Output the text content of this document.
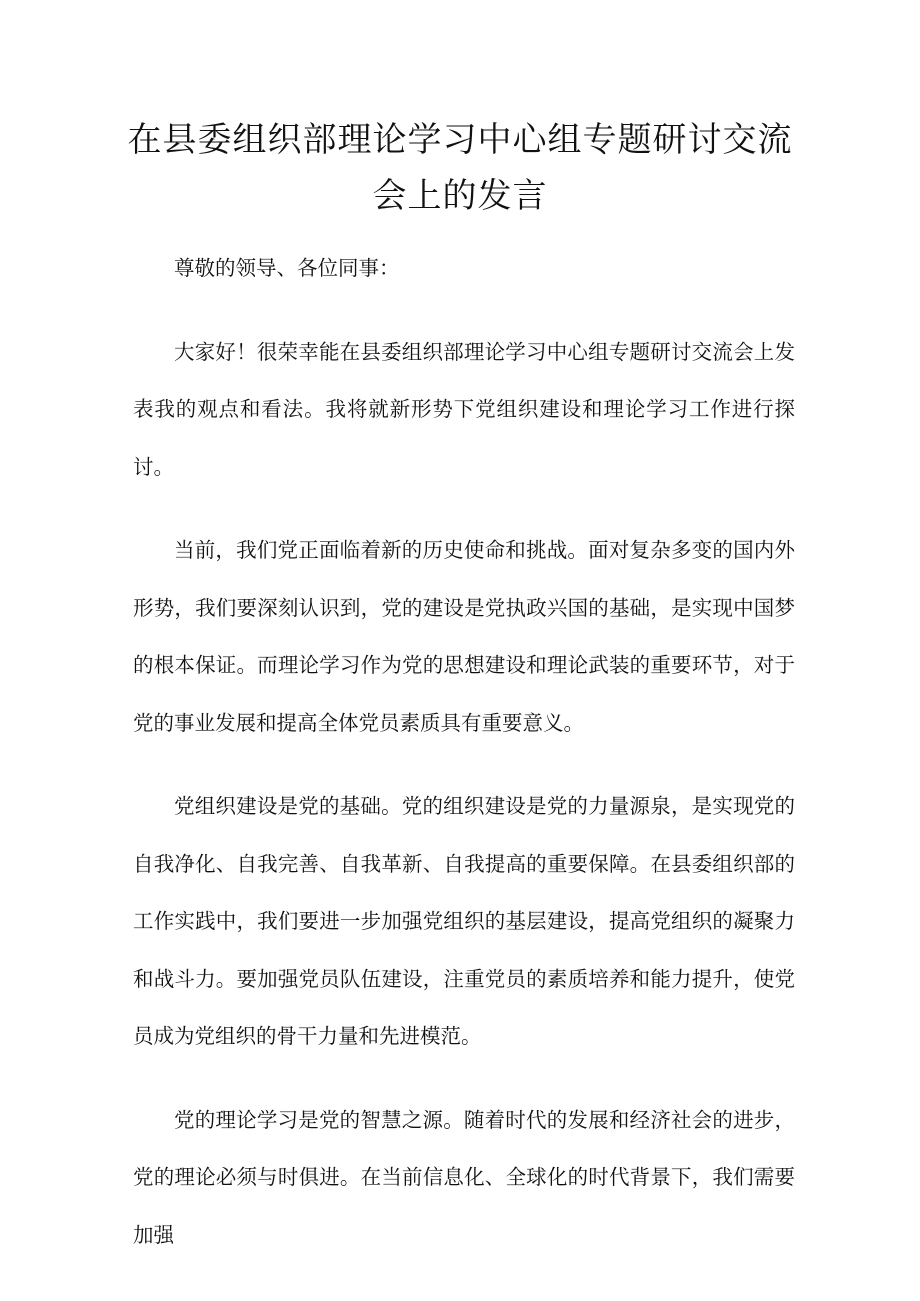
在县委组织部理论学习中心组专题研讨交流
会上的发言

尊敬的领导、各位同事：

大家好！很荣幸能在县委组织部理论学习中心组专题研讨交流会上发表我的观点和看法。我将就新形势下党组织建设和理论学习工作进行探讨。

当前，我们党正面临着新的历史使命和挑战。面对复杂多变的国内外形势，我们要深刻认识到，党的建设是党执政兴国的基础，是实现中国梦的根本保证。而理论学习作为党的思想建设和理论武装的重要环节，对于党的事业发展和提高全体党员素质具有重要意义。

党组织建设是党的基础。党的组织建设是党的力量源泉，是实现党的自我净化、自我完善、自我革新、自我提高的重要保障。在县委组织部的工作实践中，我们要进一步加强党组织的基层建设，提高党组织的凝聚力和战斗力。要加强党员队伍建设，注重党员的素质培养和能力提升，使党员成为党组织的骨干力量和先进模范。

党的理论学习是党的智慧之源。随着时代的发展和经济社会的进步，党的理论必须与时俱进。在当前信息化、全球化的时代背景下，我们需要加强
